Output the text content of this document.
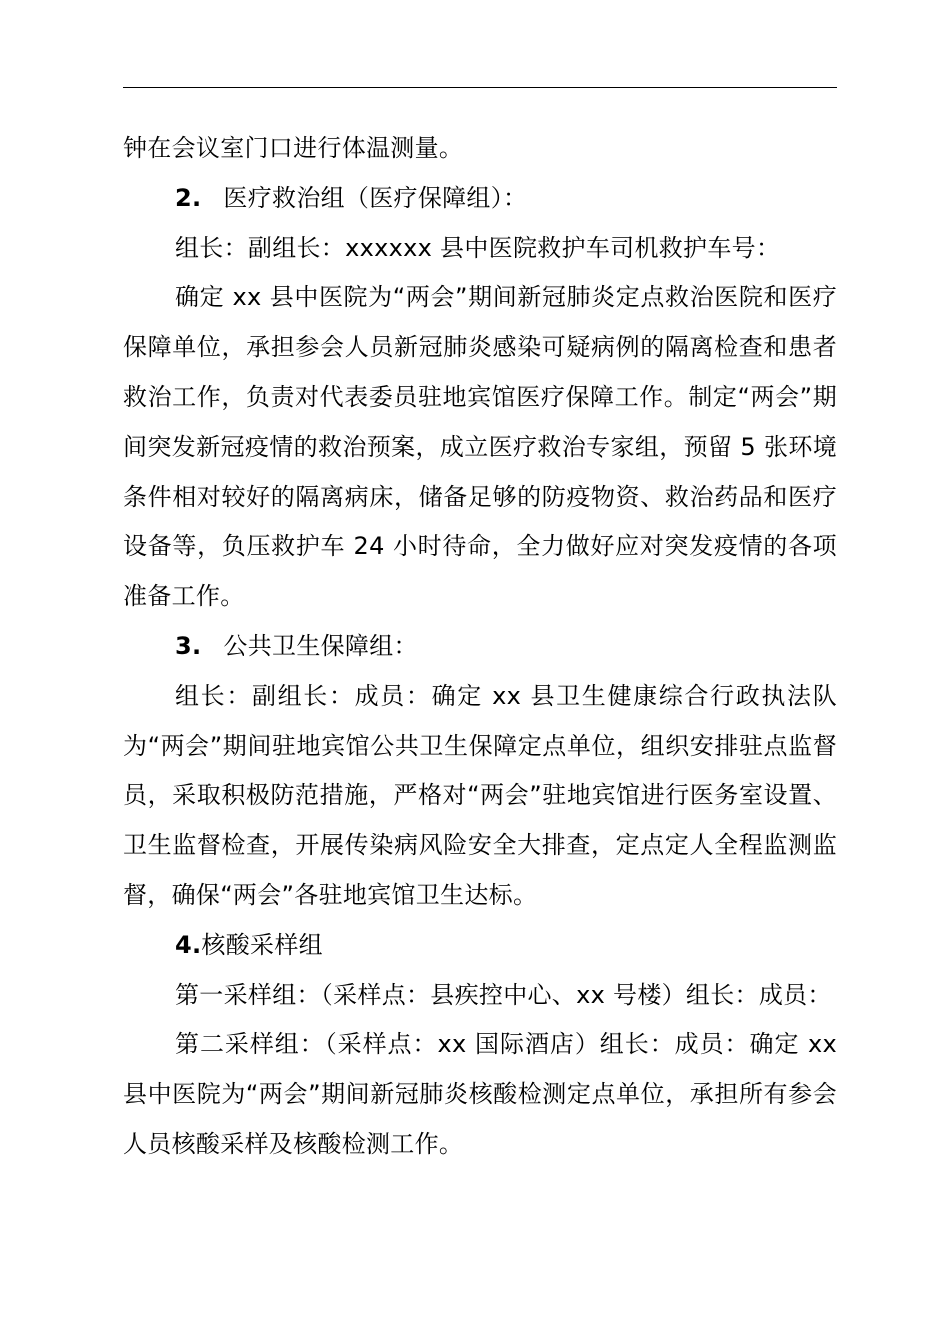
钟在会议室门口进行体温测量。

2. 医疗救治组（医疗保障组）：

组长：副组长：xxxxxx 县中医院救护车司机救护车号：

确定 xx 县中医院为“两会”期间新冠肺炎定点救治医院和医疗保障单位，承担参会人员新冠肺炎感染可疑病例的隔离检查和患者救治工作，负责对代表委员驻地宾馆医疗保障工作。制定“两会”期间突发新冠疫情的救治预案，成立医疗救治专家组，预留 5 张环境条件相对较好的隔离病床，储备足够的防疫物资、救治药品和医疗设备等，负压救护车 24 小时待命，全力做好应对突发疫情的各项准备工作。

3. 公共卫生保障组：

组长：副组长：成员：确定 xx 县卫生健康综合行政执法队为“两会”期间驻地宾馆公共卫生保障定点单位，组织安排驻点监督员，采取积极防范措施，严格对“两会”驻地宾馆进行医务室设置、卫生监督检查，开展传染病风险安全大排查，定点定人全程监测监督，确保“两会”各驻地宾馆卫生达标。

4.核酸采样组

第一采样组：（采样点：县疾控中心、xx 号楼）组长：成员：

第二采样组：（采样点：xx 国际酒店）组长：成员：确定 xx 县中医院为“两会”期间新冠肺炎核酸检测定点单位，承担所有参会人员核酸采样及核酸检测工作。
